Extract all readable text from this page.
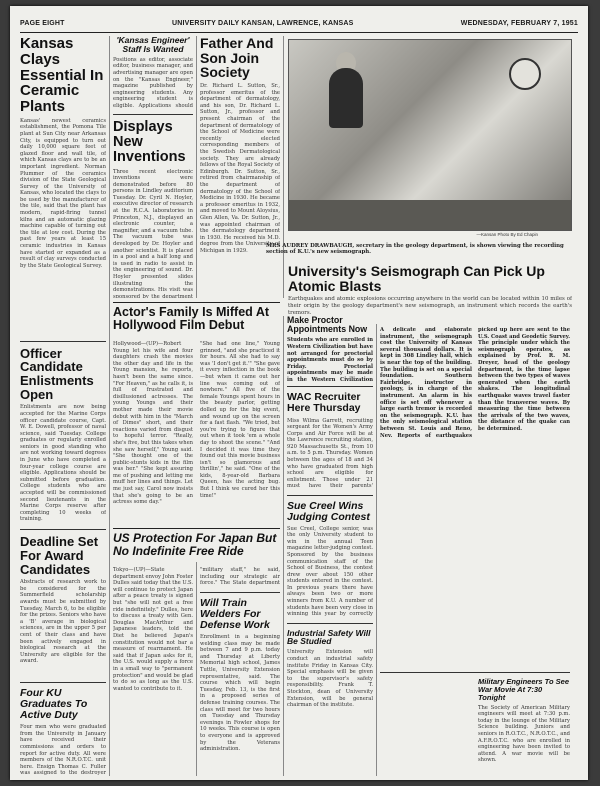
PAGE EIGHT	UNIVERSITY DAILY KANSAN, LAWRENCE, KANSAS	WEDNESDAY, FEBRUARY 7, 1951
Kansas Clays Essential In Ceramic Plants

Kansas' newest ceramics establishment, the Pomona Tile plant at Sun City near Arkansas City, is equipped to turn out daily 10,000 square feet of glazed floor and wall tile, of which Kansas clays are to be an important ingredient. Norman Plummer of the ceramics division of the State Geological Survey of the University of Kansas, who located the clays to be used by the manufacturer of the tile, said that the plant has modern, rapid-firing tunnel kilns and an automatic glazing machine capable of turning out the tile at low cost. During the past few years at least 15 ceramic industries in Kansas have started or expanded as a result of clay surveys conducted by the State Geological Survey.

Officer Candidate Enlistments Open

Enlistments are now being accepted for the Marine Corps officer candidate course, Capt. W. E. Dowell, professor of naval science, said Tuesday. College graduates or regularly enrolled seniors in good standing who are not working toward degrees in June who have completed a four-year college course are eligible. Applications should be submitted before graduation. College students who are accepted will be commissioned second lieutenants in the Marine Corps reserve after completing 10 weeks of training.

Deadline Set For Award Candidates

Abstracts of research work to be considered for the Summerfield scholarship awards must be submitted by Tuesday, March 6, to be eligible for the prizes. Seniors who have a 'B' average in biological sciences, are in the upper 5 per cent of their class and have been actively engaged in biological research at the University are eligible for the award.

Four KU Graduates To Active Duty

Four men who were graduated from the University in January have received their commissions and orders to report for active duty. All were members of the N.R.O.T.C. unit here. Ensign Thomas C. Fuller was assigned to the destroyer

'Kansas Engineer' Staff Is Wanted

Positions as editor, associate editor, business manager, and advertising manager are open on the "Kansas Engineer," magazine published by engineering students. Any engineering student is eligible. Applications should

Displays New Inventions

Three recent electronic inventions were demonstrated before 80 persons in Lindley auditorium Tuesday. Dr. Cyril N. Hoyler, executive director of research at the R.C.A. laboratories in Princeton, N.J., displayed an electronic counter, a magnifier, and a vacuum tube. The vacuum tube was developed by Dr. Hoyler and another scientist. It is placed in a pool and a half long and is used in radio to assist in the engineering of sound. Dr. Hoyler presented slides illustrating the demonstrations. His visit was sponsored by the department

Father And Son Join Society

Dr. Richard L. Sutton, Sr., professor emeritus of the department of dermatology, and his son, Dr. Richard L. Sutton, Jr., professor and present chairman of the department of dermatology of the School of Medicine were recently elected corresponding members of the Swedish Dermatological society. They are already fellows of the Royal Society of Edinburgh. Dr. Sutton, Sr., retired from chairmanship of the department of dermatology of the School of Medicine in 1930. He became a professor emeritus in 1932, and moved to Mount Aloysius, Glen Allen, Va. Dr. Sutton, Jr., was appointed chairman of the dermatology department in 1930. He received his M.D. degree from the University of Michigan in 1929.

—Kansan Photo By Ed Chapin
MRS AUDREY DRAWBAUGH, secretary in the geology department, is shown viewing the recording section of K.U.'s new seismograph.
University's Seismograph Can Pick Up Atomic Blasts

Earthquakes and atomic explosions occurring anywhere in the world can be located within 10 miles of their origin by the geology department's new seismograph, an instrument which records the earth's tremors.

Actor's Family Is Miffed At Hollywood Film Debut

Hollywood—(UP)—Robert Young let his wife and four daughters crash the movies the other day and life in the Young mansion, he reports, hasn't been the same since. "For Heaven," as he calls it, is full of frustrated and disillusioned actresses. The young Youngs and their mother made their movie debut with him in the "March of Dimes" short, and their reactions varied from disgust to hopeful terror. "Really, she's five, but this takes when she saw herself," Young said. "She thought one of the public-stunts kids in the film was her." "She kept assuring me of pushing and letting me muff her lines and things. Let me just say, Carol now insists that she's going to be an actress some day."

"She had one line," Young grinned, "and she practiced it for hours. All she had to say was 'I don't get it.'" "She gave it every inflection in the book—but when it came out her line was coming out of nowhere." All five of the female Youngs spent hours in the beauty parlor, getting dolled up for the big event, and wound up on the screen for a fast flash. "We tried, but you're trying to figure that out when it took 'em a whole day to shoot the scene." "And I decided it was time they found out this movie business isn't so glamorous and thrillin'," he said. "One of the kids, 8-year-old Barbara Queen, has the acting bug. But I think we cured her this time!"

Make Proctor Appointments Now

Students who are enrolled in Western Civilization but have not arranged for proctorial appointments must do so by Friday. Proctorial appointments may be made in the Western Civilization

WAC Recruiter Here Thursday

Miss Wilma Garrett, recruiting sergeant for the Women's Army Corps and Air Force will be at the Lawrence recruiting station, 920 Massachusetts St., from 10 a.m. to 5 p.m. Thursday. Women between the ages of 18 and 34 who have graduated from high school are eligible for enlistment. Those under 21 must have their parents'

Sue Creel Wins Judging Contest

Sue Creel, College senior, was the only University student to win in the annual Teen magazine letter-judging contest. Sponsored by the business communication staff of the School of Business, the contest drew over about 150 other students entered in the contest. In previous years there have always been two or more winners from K.U. A number of students have been very close in winning this year by correctly

Industrial Safety Will Be Studied

University Extension will conduct an industrial safety institute Friday in Kansas City. Special emphasis will be given to the supervisor's safety responsibility. Frank T. Stockton, dean of University Extension, will be general chairman of the institute.

A delicate and elaborate instrument, the seismograph cost the University of Kansas several thousand dollars. It is kept in 308 Lindley hall, which is near the top of the building. The building is set on a special foundation. Southern Fairbridge, instructor in geology, is in charge of the instrument. An alarm in his office is set off whenever a large earth tremor is recorded on the seismograph. K.U. has the only seismological station between St. Louis and Reno, Nev. Reports of earthquakes picked up here are sent to the U.S. Coast and Geodetic Survey. The principle under which the seismograph operates, as explained by Prof. R. M. Dreyer, head of the geology department, is the time lapse between the two types of waves generated when the earth shakes. The longitudinal earthquake waves travel faster than the transverse waves. By measuring the time between the arrivals of the two waves, the distance of the quake can be determined.

Military Engineers To See War Movie At 7:30 Tonight

The Society of American Military engineers will meet at 7:30 p.m. today in the lounge of the Military Science building. Juniors and seniors in R.O.T.C., N.R.O.T.C., and A.F.R.O.T.C. who are enrolled in engineering have been invited to attend. A war movie will be shown.

US Protection For Japan But No Indefinite Free Ride

Tokyo—(UP)—State department envoy John Foster Dulles said today that the U.S. will continue to protect Japan after a peace treaty is signed but "she will not get a free ride indefinitely." Dulles, here to discuss a treaty with Gen. Douglas MacArthur and Japanese leaders, told the Diet he believed Japan's constitution would not bar a measure of rearmament. He said that if Japan asks for it, the U.S. would supply a force in a small way to "permanent protection" and would be glad to do so as long as the U.S. wanted to contribute to it.

"military staff," he said, including our strategic air force." The State department

Will Train Welders For Defense Work

Enrollment in a beginning welding class may be made between 7 and 9 p.m. today and Thursday at Liberty Memorial high school, James Tuttle, University Extension representative, said. The course which will begin Tuesday, Feb. 13, is the first in a proposed series of defense training courses. The class will meet for two hours on Tuesday and Thursday evenings in Fowler shops for 10 weeks. This course is open to everyone and is approved by the Veterans administration.
